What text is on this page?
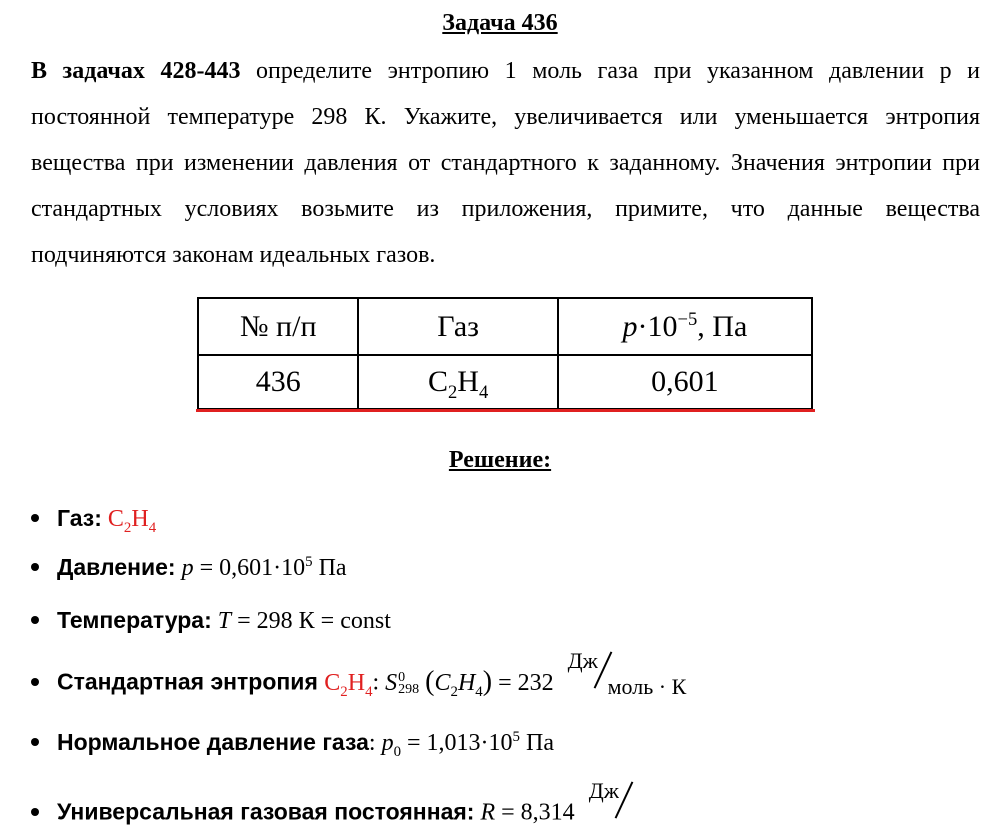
Задача 436
В задачах 428-443 определите энтропию 1 моль газа при указанном давлении p и постоянной температуре 298 К. Укажите, увеличивается или уменьшается энтропия вещества при изменении давления от стандартного к заданному. Значения энтропии при стандартных условиях возьмите из приложения, примите, что данные вещества подчиняются законам идеальных газов.
№ п/п	Газ	$p\cdot 10^{-5}$, Па
436	$C_2H_4$	0,601
Решение:
Газ: $C_2H_4$
Давление: $p = 0,601\cdot 10^5$ Па
Температура: T = 298 К = const
Стандартная энтропия $C_2H_4$: S 0
298 $(C_2H_4) = 232$
Дж
моль · К
Нормальное давление газа: $p_0 = 1,013\cdot 10^5$ Па
Универсальная газовая постоянная: R = 8,314
Дж
